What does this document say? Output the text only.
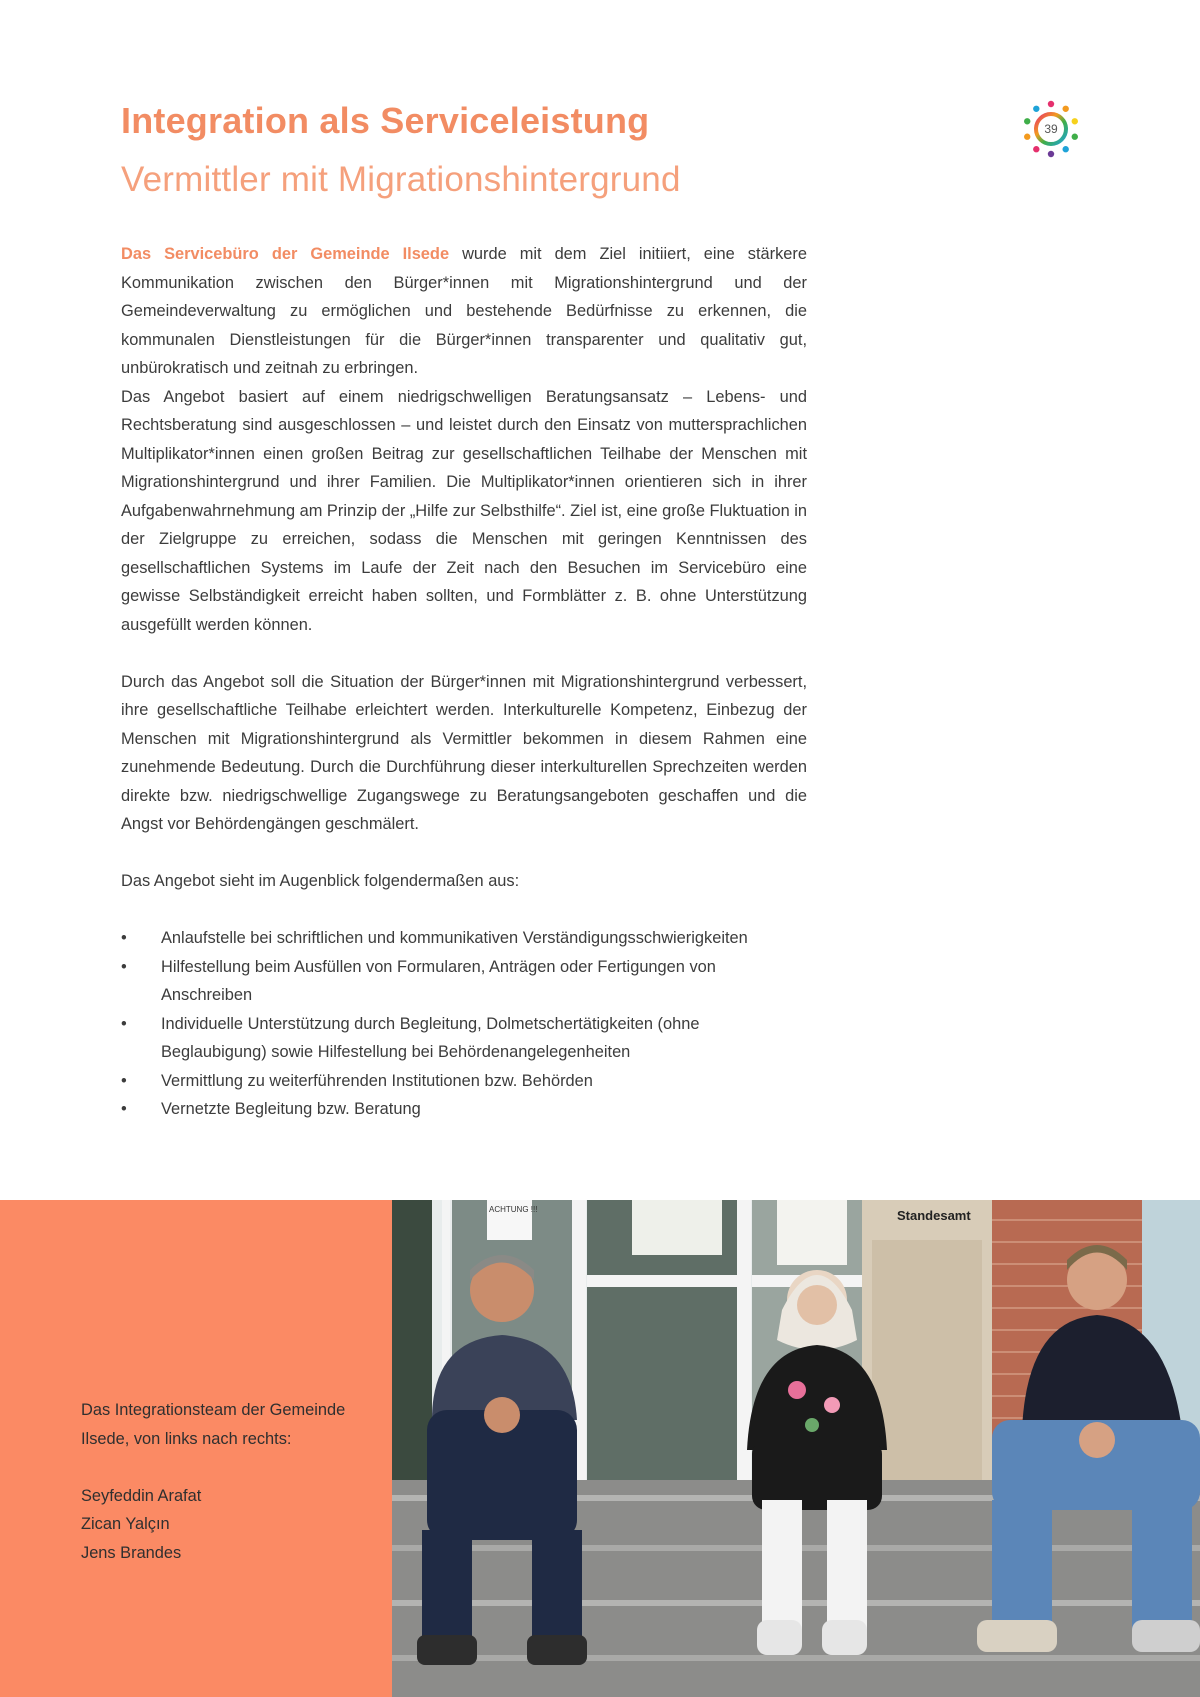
Integration als Serviceleistung
Vermittler mit Migrationshintergrund
39

Das Servicebüro der Gemeinde Ilsede wurde mit dem Ziel initiiert, eine stärkere Kommunikation zwischen den Bürger*innen mit Migrationshintergrund und der Gemeindeverwaltung zu ermöglichen und bestehende Bedürfnisse zu erkennen, die kommunalen Dienstleistungen für die Bürger*innen transparenter und qualitativ gut, unbürokratisch und zeitnah zu erbringen.

Das Angebot basiert auf einem niedrigschwelligen Beratungsansatz – Lebens- und Rechtsberatung sind ausgeschlossen – und leistet durch den Einsatz von muttersprachlichen Multiplikator*innen einen großen Beitrag zur gesellschaftlichen Teilhabe der Menschen mit Migrationshintergrund und ihrer Familien. Die Multiplikator*innen orientieren sich in ihrer Aufgabenwahrnehmung am Prinzip der „Hilfe zur Selbsthilfe“. Ziel ist, eine große Fluktuation in der Zielgruppe zu erreichen, sodass die Menschen mit geringen Kenntnissen des gesellschaftlichen Systems im Laufe der Zeit nach den Besuchen im Servicebüro eine gewisse Selbständigkeit erreicht haben sollten, und Formblätter z. B. ohne Unterstützung ausgefüllt werden können.

Durch das Angebot soll die Situation der Bürger*innen mit Migrationshintergrund verbessert, ihre gesellschaftliche Teilhabe erleichtert werden. Interkulturelle Kompetenz, Einbezug der Menschen mit Migrationshintergrund als Vermittler bekommen in diesem Rahmen eine zunehmende Bedeutung. Durch die Durchführung dieser interkulturellen Sprechzeiten werden direkte bzw. niedrigschwellige Zugangswege zu Beratungsangeboten geschaffen und die Angst vor Behördengängen geschmälert.

Das Angebot sieht im Augenblick folgendermaßen aus:

• Anlaufstelle bei schriftlichen und kommunikativen Verständigungsschwierigkeiten
• Hilfestellung beim Ausfüllen von Formularen, Anträgen oder Fertigungen von Anschreiben
• Individuelle Unterstützung durch Begleitung, Dolmetschertätigkeiten (ohne Beglaubigung) sowie Hilfestellung bei Behördenangelegenheiten
• Vermittlung zu weiterführenden Institutionen bzw. Behörden
• Vernetzte Begleitung bzw. Beratung

Das Integrationsteam der Gemeinde Ilsede, von links nach rechts:

Seyfeddin Arafat

Zican Yalçın

Jens Brandes

ACHTUNG !!!	Standesamt
